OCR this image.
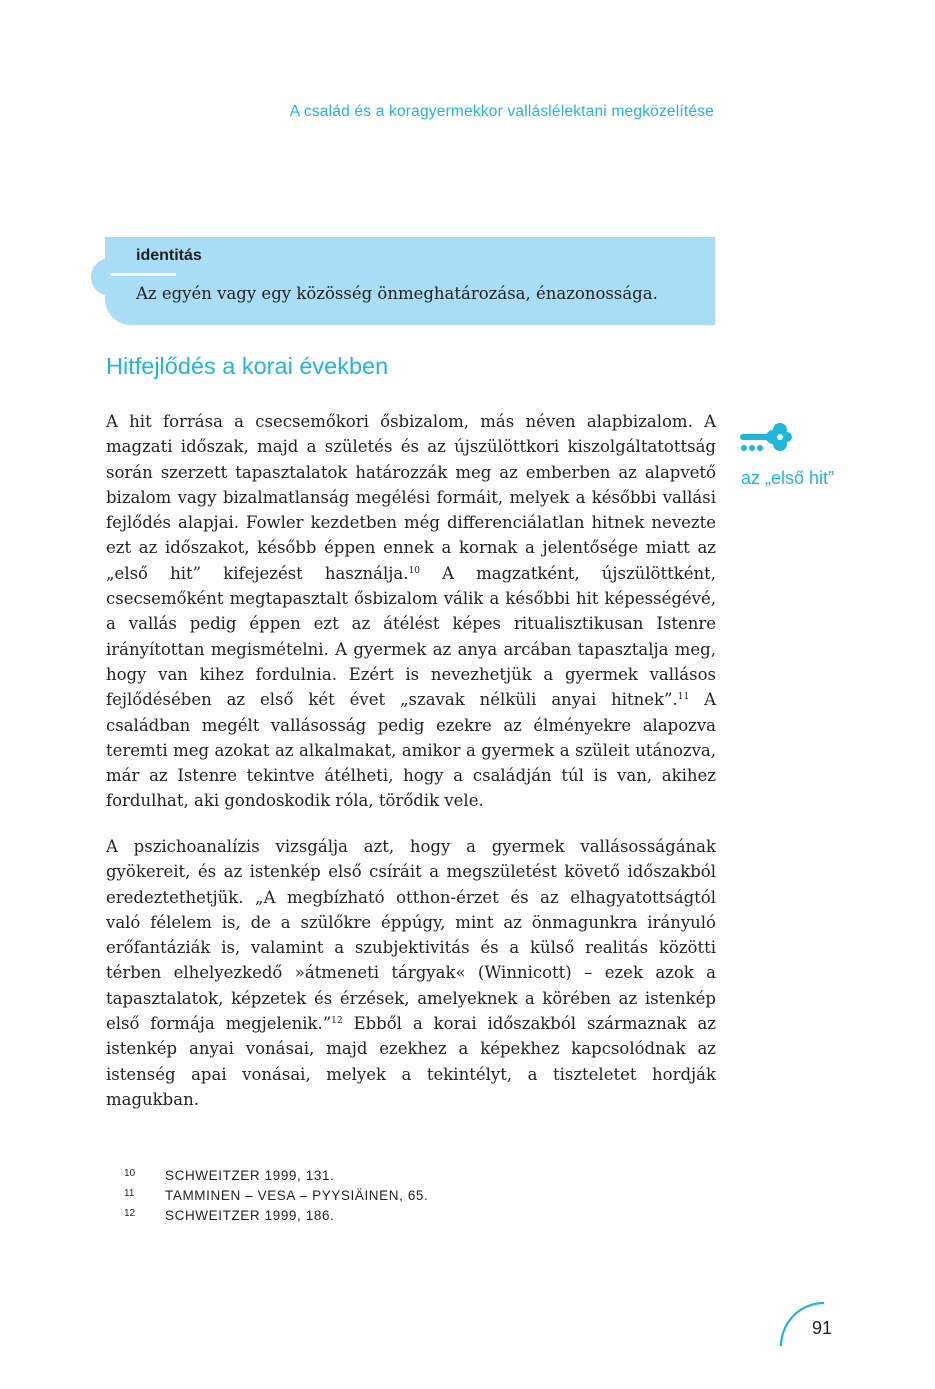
A család és a koragyermekkor valláslélektani megközelítése
identitás
Az egyén vagy egy közösség önmeghatározása, énazonossága.
Hitfejlődés a korai években
A hit forrása a csecsemőkori ősbizalom, más néven alapbizalom. A magzati időszak, majd a születés és az újszülöttkori kiszolgáltatottság során szerzett tapasztalatok határozzák meg az emberben az alapvető bizalom vagy bizalmatlanság megélési formáit, melyek a későbbi vallási fejlődés alapjai. Fowler kezdetben még differenciálatlan hitnek nevezte ezt az időszakot, később éppen ennek a kornak a jelentősége miatt az „első hit” kifejezést használja.$^{10}$ A magzatként, újszülöttként, csecsemőként megtapasztalt ősbizalom válik a későbbi hit képességévé, a vallás pedig éppen ezt az átélést képes ritualisztikusan Istenre irányítottan megismételni. A gyermek az anya arcában tapasztalja meg, hogy van kihez fordulnia. Ezért is nevezhetjük a gyermek vallásos fejlődésében az első két évet „szavak nélküli anyai hitnek”.$^{11}$ A családban megélt vallásosság pedig ezekre az élményekre alapozva teremti meg azokat az alkalmakat, amikor a gyermek a szüleit utánozva, már az Istenre tekintve átélheti, hogy a családján túl is van, akihez fordulhat, aki gondoskodik róla, törődik vele.
A pszichoanalízis vizsgálja azt, hogy a gyermek vallásosságának gyökereit, és az istenkép első csíráit a megszületést követő időszakból eredeztethetjük. „A megbízható otthon-érzet és az elhagyatottságtól való félelem is, de a szülőkre éppúgy, mint az önmagunkra irányuló erőfantáziák is, valamint a szubjektivitás és a külső realitás közötti térben elhelyezkedő »átmeneti tárgyak« (Winnicott) – ezek azok a tapasztalatok, képzetek és érzések, amelyeknek a körében az istenkép első formája megjelenik.”$^{12}$ Ebből a korai időszakból származnak az istenkép anyai vonásai, majd ezekhez a képekhez kapcsolódnak az istenség apai vonásai, melyek a tekintélyt, a tiszteletet hordják magukban.
az „első hit”
10	SCHWEITZER 1999, 131.
11	TAMMINEN – VESA – PYYSIÄINEN, 65.
12	SCHWEITZER 1999, 186.
91
